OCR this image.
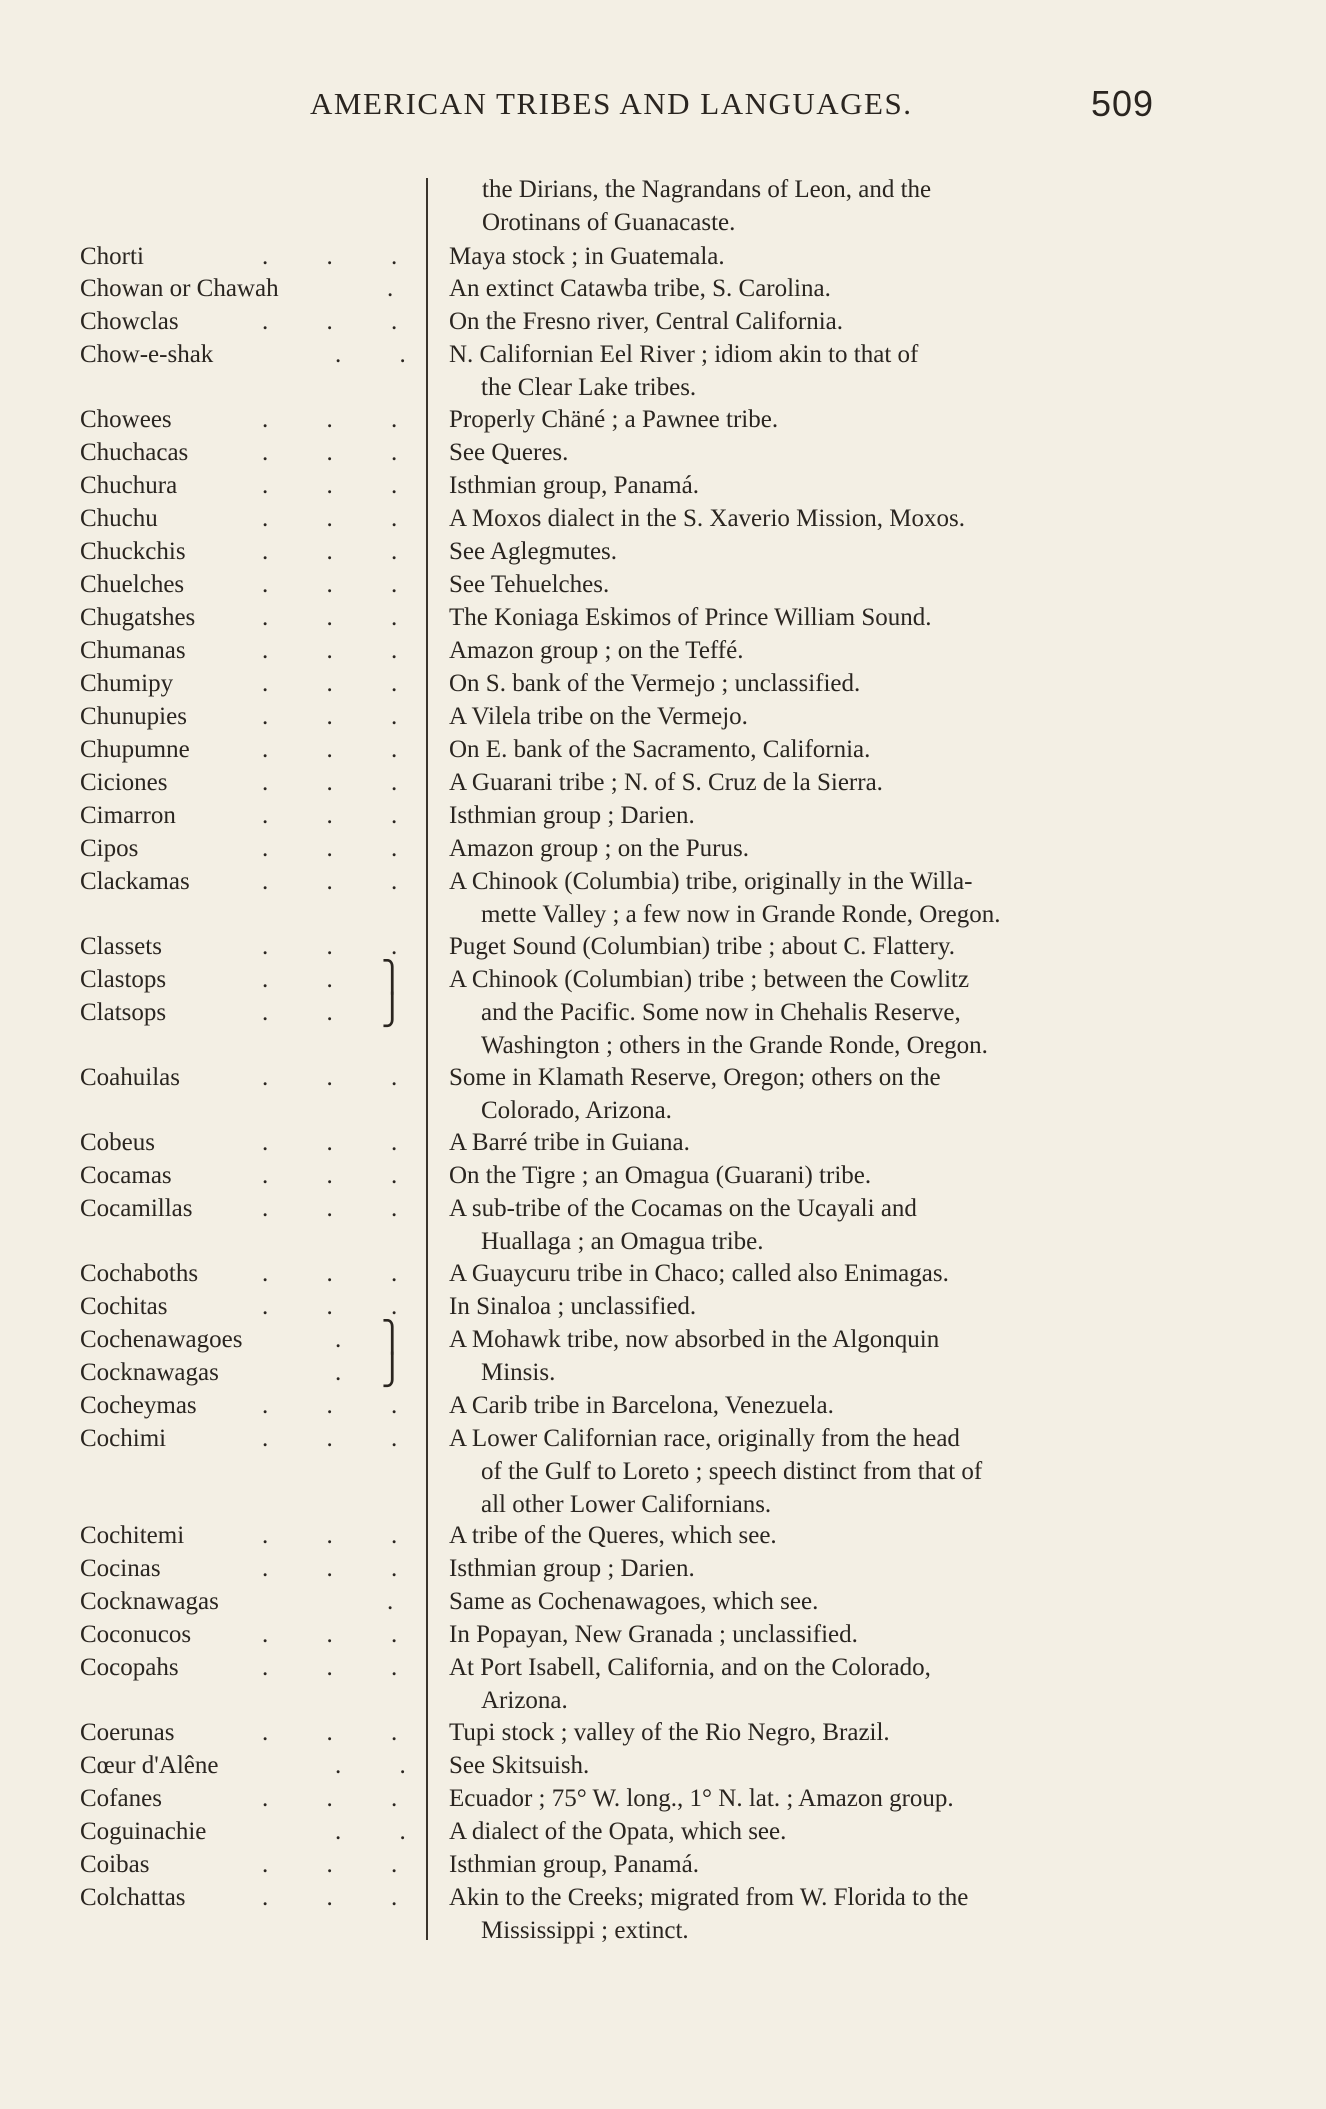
AMERICAN TRIBES AND LANGUAGES.	509
the Dirians, the Nagrandans of Leon, and the
Orotinans of Guanacaste.
Chorti	. . . Maya stock ; in Guatemala.
Chowan or Chawah	. An extinct Catawba tribe, S. Carolina.
Chowclas	. . . On the Fresno river, Central California.
Chow-e-shak	. . N. Californian Eel River ; idiom akin to that of
the Clear Lake tribes.
Chowees	. . . Properly Chäné ; a Pawnee tribe.
Chuchacas	. . . See Queres.
Chuchura	. . . Isthmian group, Panamá.
Chuchu	. . . A Moxos dialect in the S. Xaverio Mission, Moxos.
Chuckchis	. . . See Aglegmutes.
Chuelches	. . . See Tehuelches.
Chugatshes	. . . The Koniaga Eskimos of Prince William Sound.
Chumanas	. . . Amazon group ; on the Teffé.
Chumipy	. . . On S. bank of the Vermejo ; unclassified.
Chunupies	. . . A Vilela tribe on the Vermejo.
Chupumne	. . . On E. bank of the Sacramento, California.
Ciciones	. . . A Guarani tribe ; N. of S. Cruz de la Sierra.
Cimarron	. . . Isthmian group ; Darien.
Cipos	. . . Amazon group ; on the Purus.
Clackamas	. . . A Chinook (Columbia) tribe, originally in the Willa-
mette Valley ; a few now in Grande Ronde, Oregon.
Classets	. . . Puget Sound (Columbian) tribe ; about C. Flattery.
Clastops	. .	A Chinook (Columbian) tribe ; between the Cowlitz
Clatsops	. .	and the Pacific. Some now in Chehalis Reserve,
Washington ; others in the Grande Ronde, Oregon.
Coahuilas	. . . Some in Klamath Reserve, Oregon; others on the
Colorado, Arizona.
Cobeus	. . . A Barré tribe in Guiana.
Cocamas	. . . On the Tigre ; an Omagua (Guarani) tribe.
Cocamillas	. . . A sub-tribe of the Cocamas on the Ucayali and
Huallaga ; an Omagua tribe.
Cochaboths	. . . A Guaycuru tribe in Chaco; called also Enimagas.
Cochitas	. . . In Sinaloa ; unclassified.
Cochenawagoes	.	A Mohawk tribe, now absorbed in the Algonquin
Cocknawagas	.	Minsis.
Cocheymas	. . . A Carib tribe in Barcelona, Venezuela.
Cochimi	. . . A Lower Californian race, originally from the head
of the Gulf to Loreto ; speech distinct from that of
all other Lower Californians.
Cochitemi	. . . A tribe of the Queres, which see.
Cocinas	. . . Isthmian group ; Darien.
Cocknawagas	. Same as Cochenawagoes, which see.
Coconucos	. . . In Popayan, New Granada ; unclassified.
Cocopahs	. . . At Port Isabell, California, and on the Colorado,
Arizona.
Coerunas	. . . Tupi stock ; valley of the Rio Negro, Brazil.
Cœur d'Alêne	. . See Skitsuish.
Cofanes	. . . Ecuador ; 75° W. long., 1° N. lat. ; Amazon group.
Coguinachie	. . A dialect of the Opata, which see.
Coibas	. . . Isthmian group, Panamá.
Colchattas	. . . Akin to the Creeks; migrated from W. Florida to the
Mississippi ; extinct.
⎫
⎭
⎫
⎭
